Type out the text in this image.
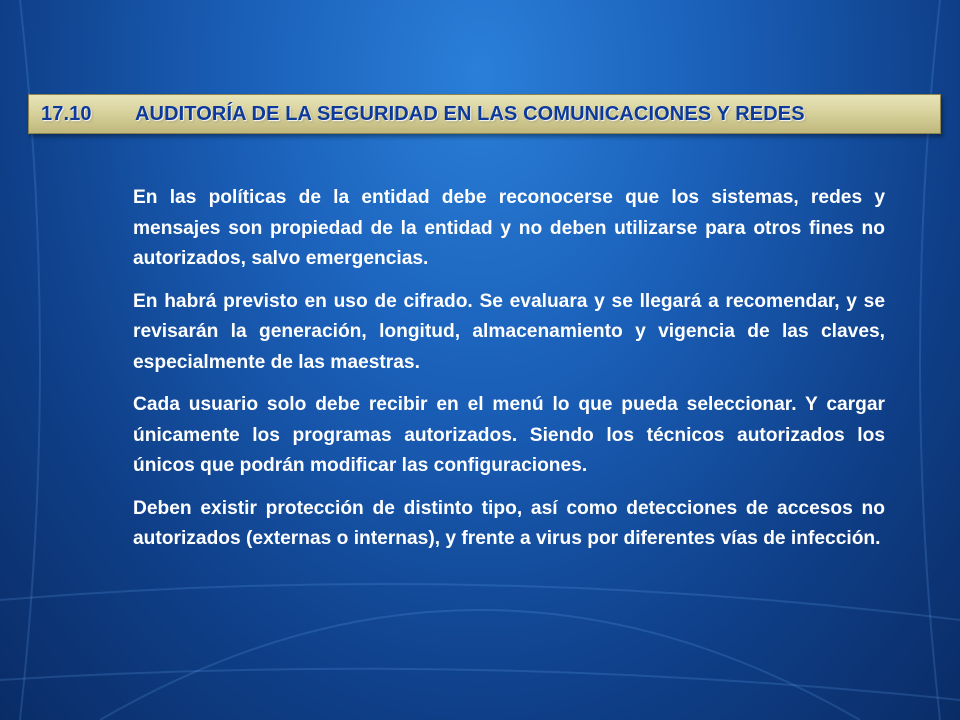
17.10 AUDITORÍA DE LA SEGURIDAD EN LAS COMUNICACIONES Y REDES

En las políticas de la entidad debe reconocerse que los sistemas, redes y mensajes son propiedad de la entidad y no deben utilizarse para otros fines no autorizados, salvo emergencias.

En habrá previsto en uso de cifrado. Se evaluara y se llegará a recomendar, y se revisarán la generación, longitud, almacenamiento y vigencia de las claves, especialmente de las maestras.

Cada usuario solo debe recibir en el menú lo que pueda seleccionar. Y cargar únicamente los programas autorizados. Siendo los técnicos autorizados los únicos que podrán modificar las configuraciones.

Deben existir protección de distinto tipo, así como detecciones de accesos no autorizados (externas o internas), y frente a virus por diferentes vías de infección.
